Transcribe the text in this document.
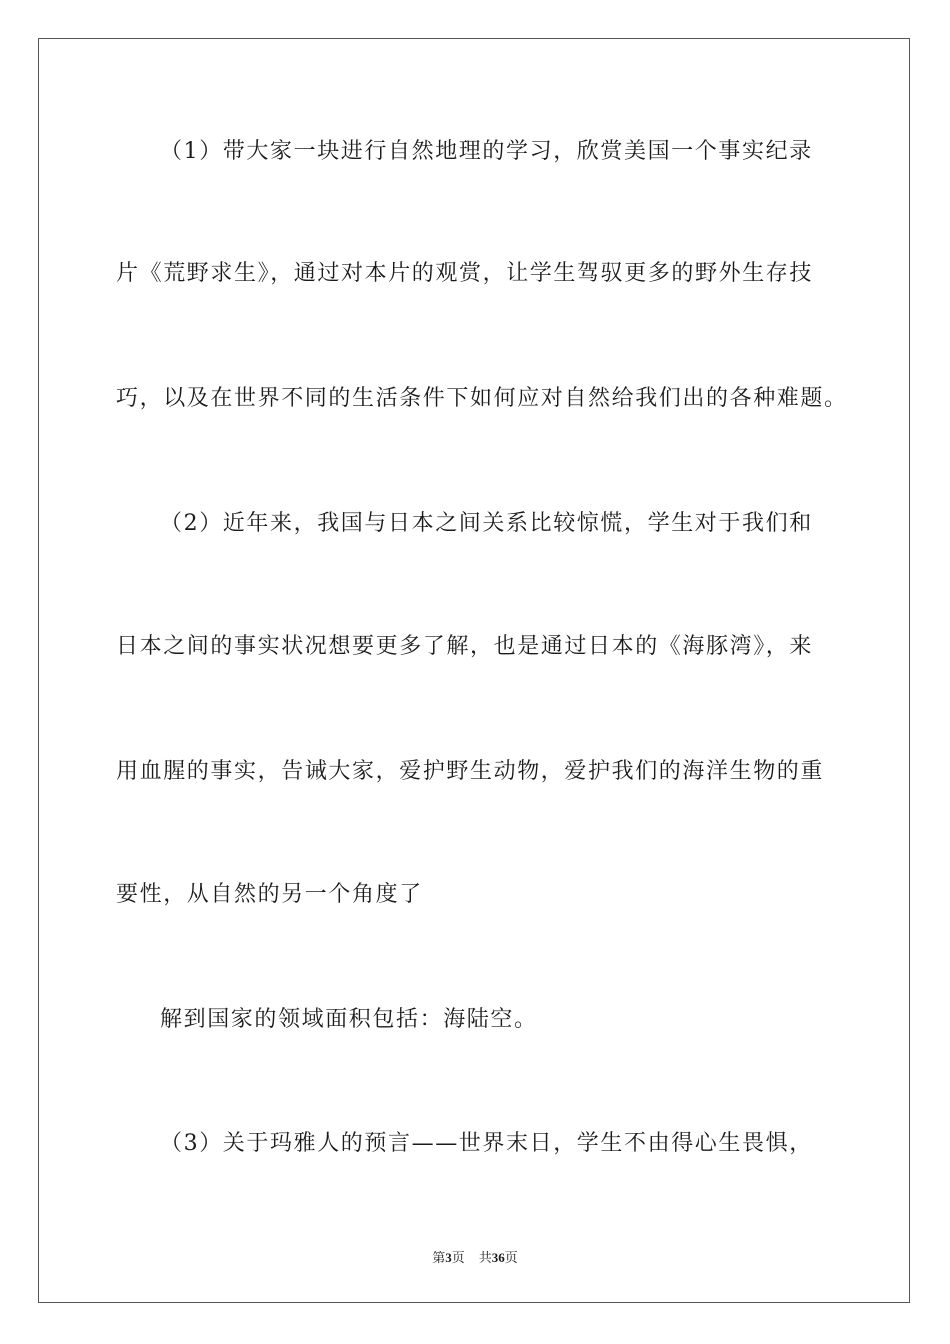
（1）带大家一块进行自然地理的学习，欣赏美国一个事实纪录
片《荒野求生》，通过对本片的观赏，让学生驾驭更多的野外生存技
巧，以及在世界不同的生活条件下如何应对自然给我们出的各种难题。
（2）近年来，我国与日本之间关系比较惊慌，学生对于我们和
日本之间的事实状况想要更多了解，也是通过日本的《海豚湾》，来
用血腥的事实，告诫大家，爱护野生动物，爱护我们的海洋生物的重
要性，从自然的另一个角度了
解到国家的领域面积包括：海陆空。
（3）关于玛雅人的预言——世界末日，学生不由得心生畏惧，
第3页 共36页
